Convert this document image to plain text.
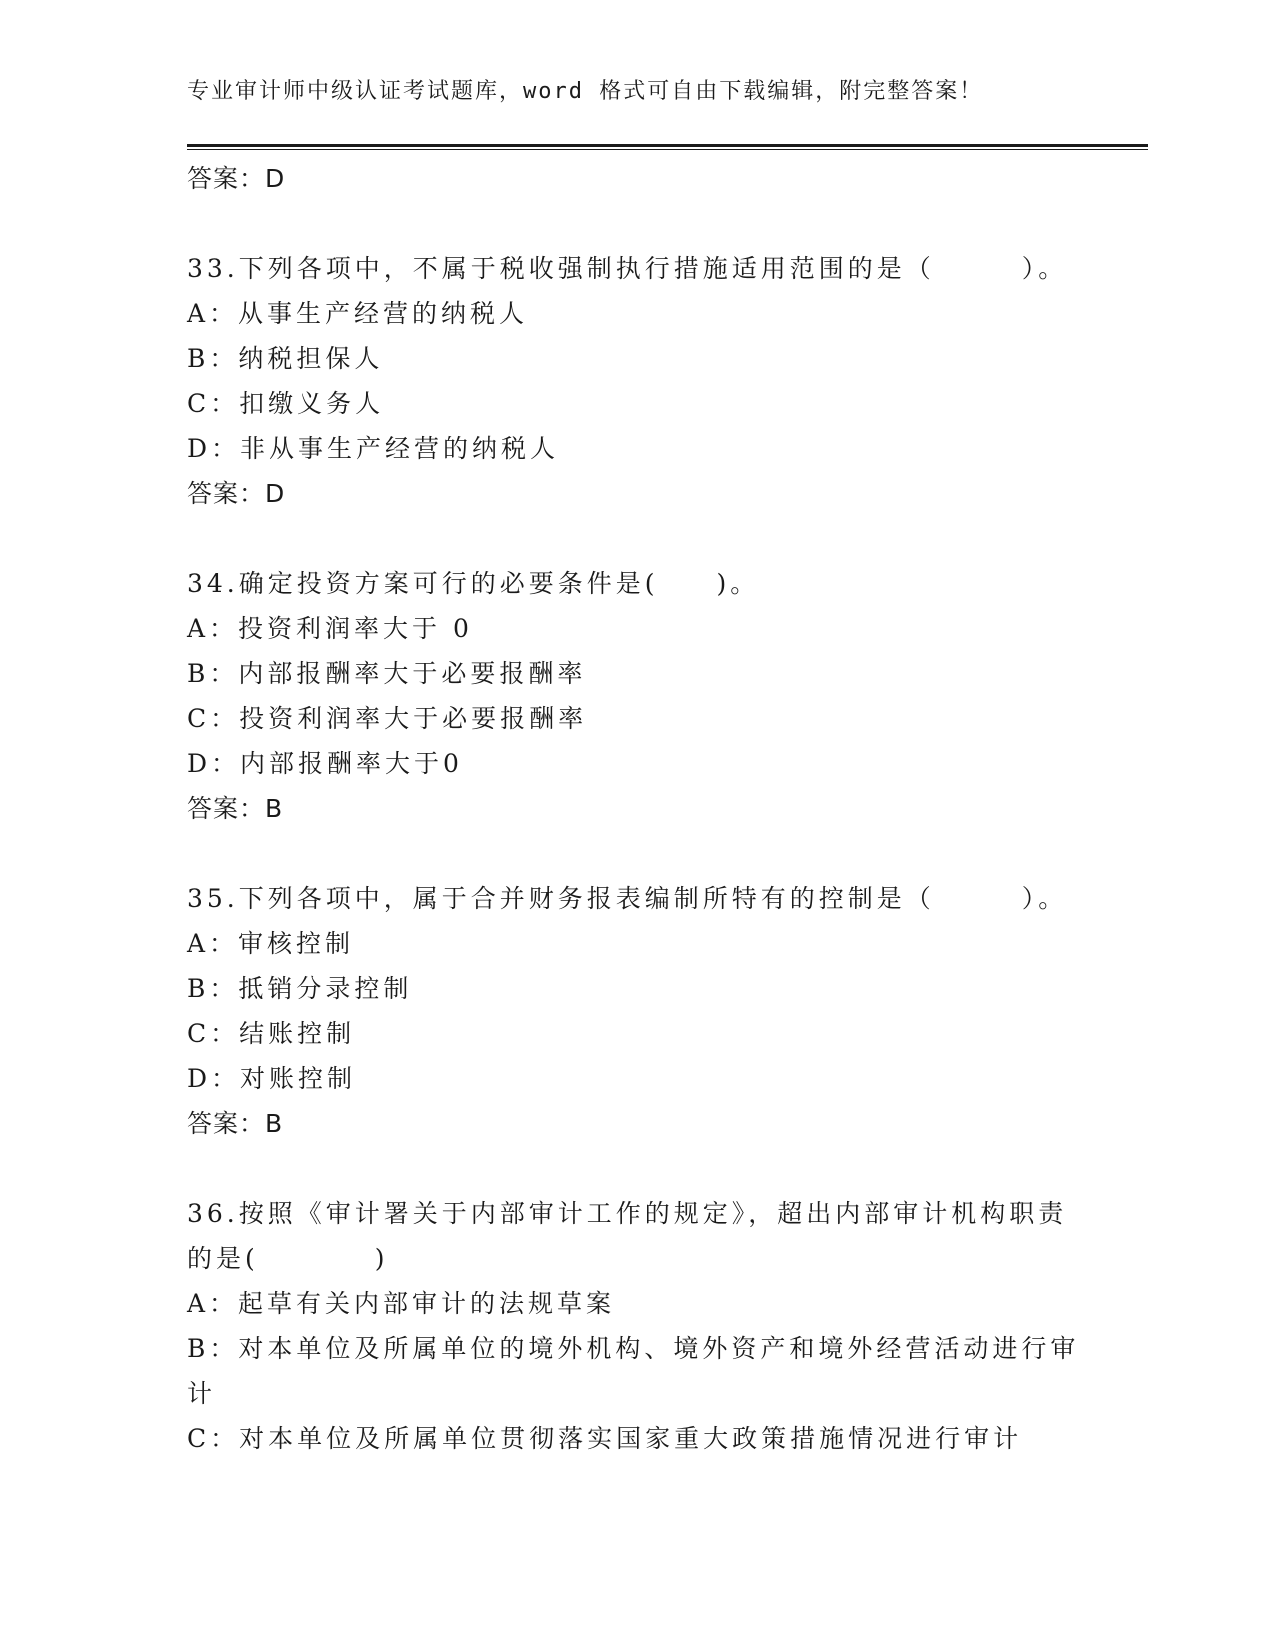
专业审计师中级认证考试题库，word 格式可自由下载编辑，附完整答案！
答案：D
33.下列各项中，不属于税收强制执行措施适用范围的是（　　　）。
A：从事生产经营的纳税人
B：纳税担保人
C：扣缴义务人
D：非从事生产经营的纳税人
答案：D
34.确定投资方案可行的必要条件是(　　)。
A：投资利润率大于 0
B：内部报酬率大于必要报酬率
C：投资利润率大于必要报酬率
D：内部报酬率大于0
答案：B
35.下列各项中，属于合并财务报表编制所特有的控制是（　　　）。
A：审核控制
B：抵销分录控制
C：结账控制
D：对账控制
答案：B
36.按照《审计署关于内部审计工作的规定》，超出内部审计机构职责
的是(　　　　)
A：起草有关内部审计的法规草案
B：对本单位及所属单位的境外机构、境外资产和境外经营活动进行审
计
C：对本单位及所属单位贯彻落实国家重大政策措施情况进行审计
